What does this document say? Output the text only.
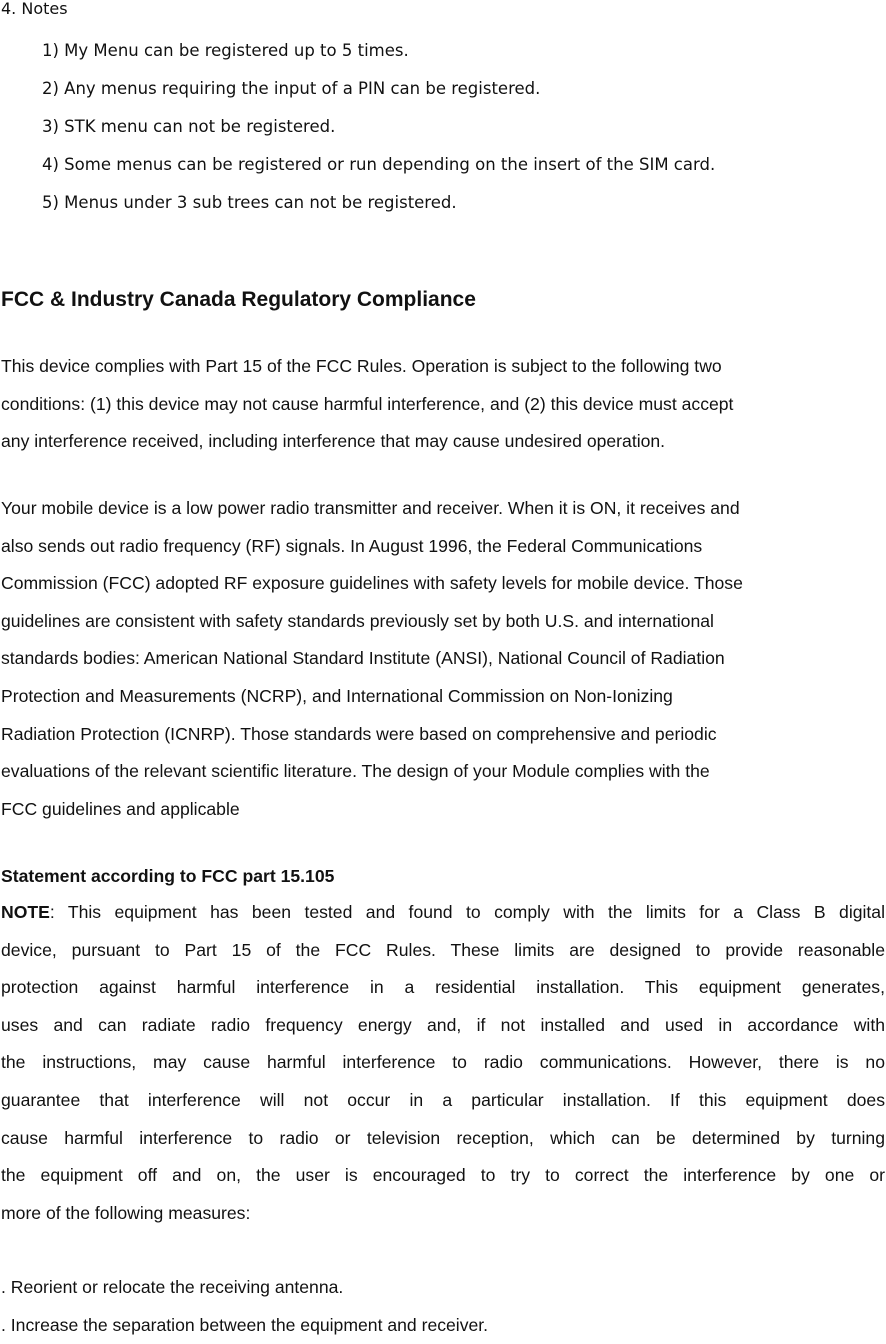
4. Notes
1) My Menu can be registered up to 5 times.
2) Any menus requiring the input of a PIN can be registered.
3) STK menu can not be registered.
4) Some menus can be registered or run depending on the insert of the SIM card.
5) Menus under 3 sub trees can not be registered.
FCC & Industry Canada Regulatory Compliance

This device complies with Part 15 of the FCC Rules. Operation is subject to the following two
conditions: (1) this device may not cause harmful interference, and (2) this device must accept
any interference received, including interference that may cause undesired operation.

Your mobile device is a low power radio transmitter and receiver. When it is ON, it receives and
also sends out radio frequency (RF) signals. In August 1996, the Federal Communications
Commission (FCC) adopted RF exposure guidelines with safety levels for mobile device. Those
guidelines are consistent with safety standards previously set by both U.S. and international
standards bodies: American National Standard Institute (ANSI), National Council of Radiation
Protection and Measurements (NCRP), and International Commission on Non-Ionizing
Radiation Protection (ICNRP). Those standards were based on comprehensive and periodic
evaluations of the relevant scientific literature. The design of your Module complies with the
FCC guidelines and applicable

Statement according to FCC part 15.105

NOTE: This equipment has been tested and found to comply with the limits for a Class B digital
device, pursuant to Part 15 of the FCC Rules. These limits are designed to provide reasonable
protection against harmful interference in a residential installation. This equipment generates,
uses and can radiate radio frequency energy and, if not installed and used in accordance with
the instructions, may cause harmful interference to radio communications. However, there is no
guarantee that interference will not occur in a particular installation. If this equipment does
cause harmful interference to radio or television reception, which can be determined by turning
the equipment off and on, the user is encouraged to try to correct the interference by one or
more of the following measures:

. Reorient or relocate the receiving antenna.
. Increase the separation between the equipment and receiver.
